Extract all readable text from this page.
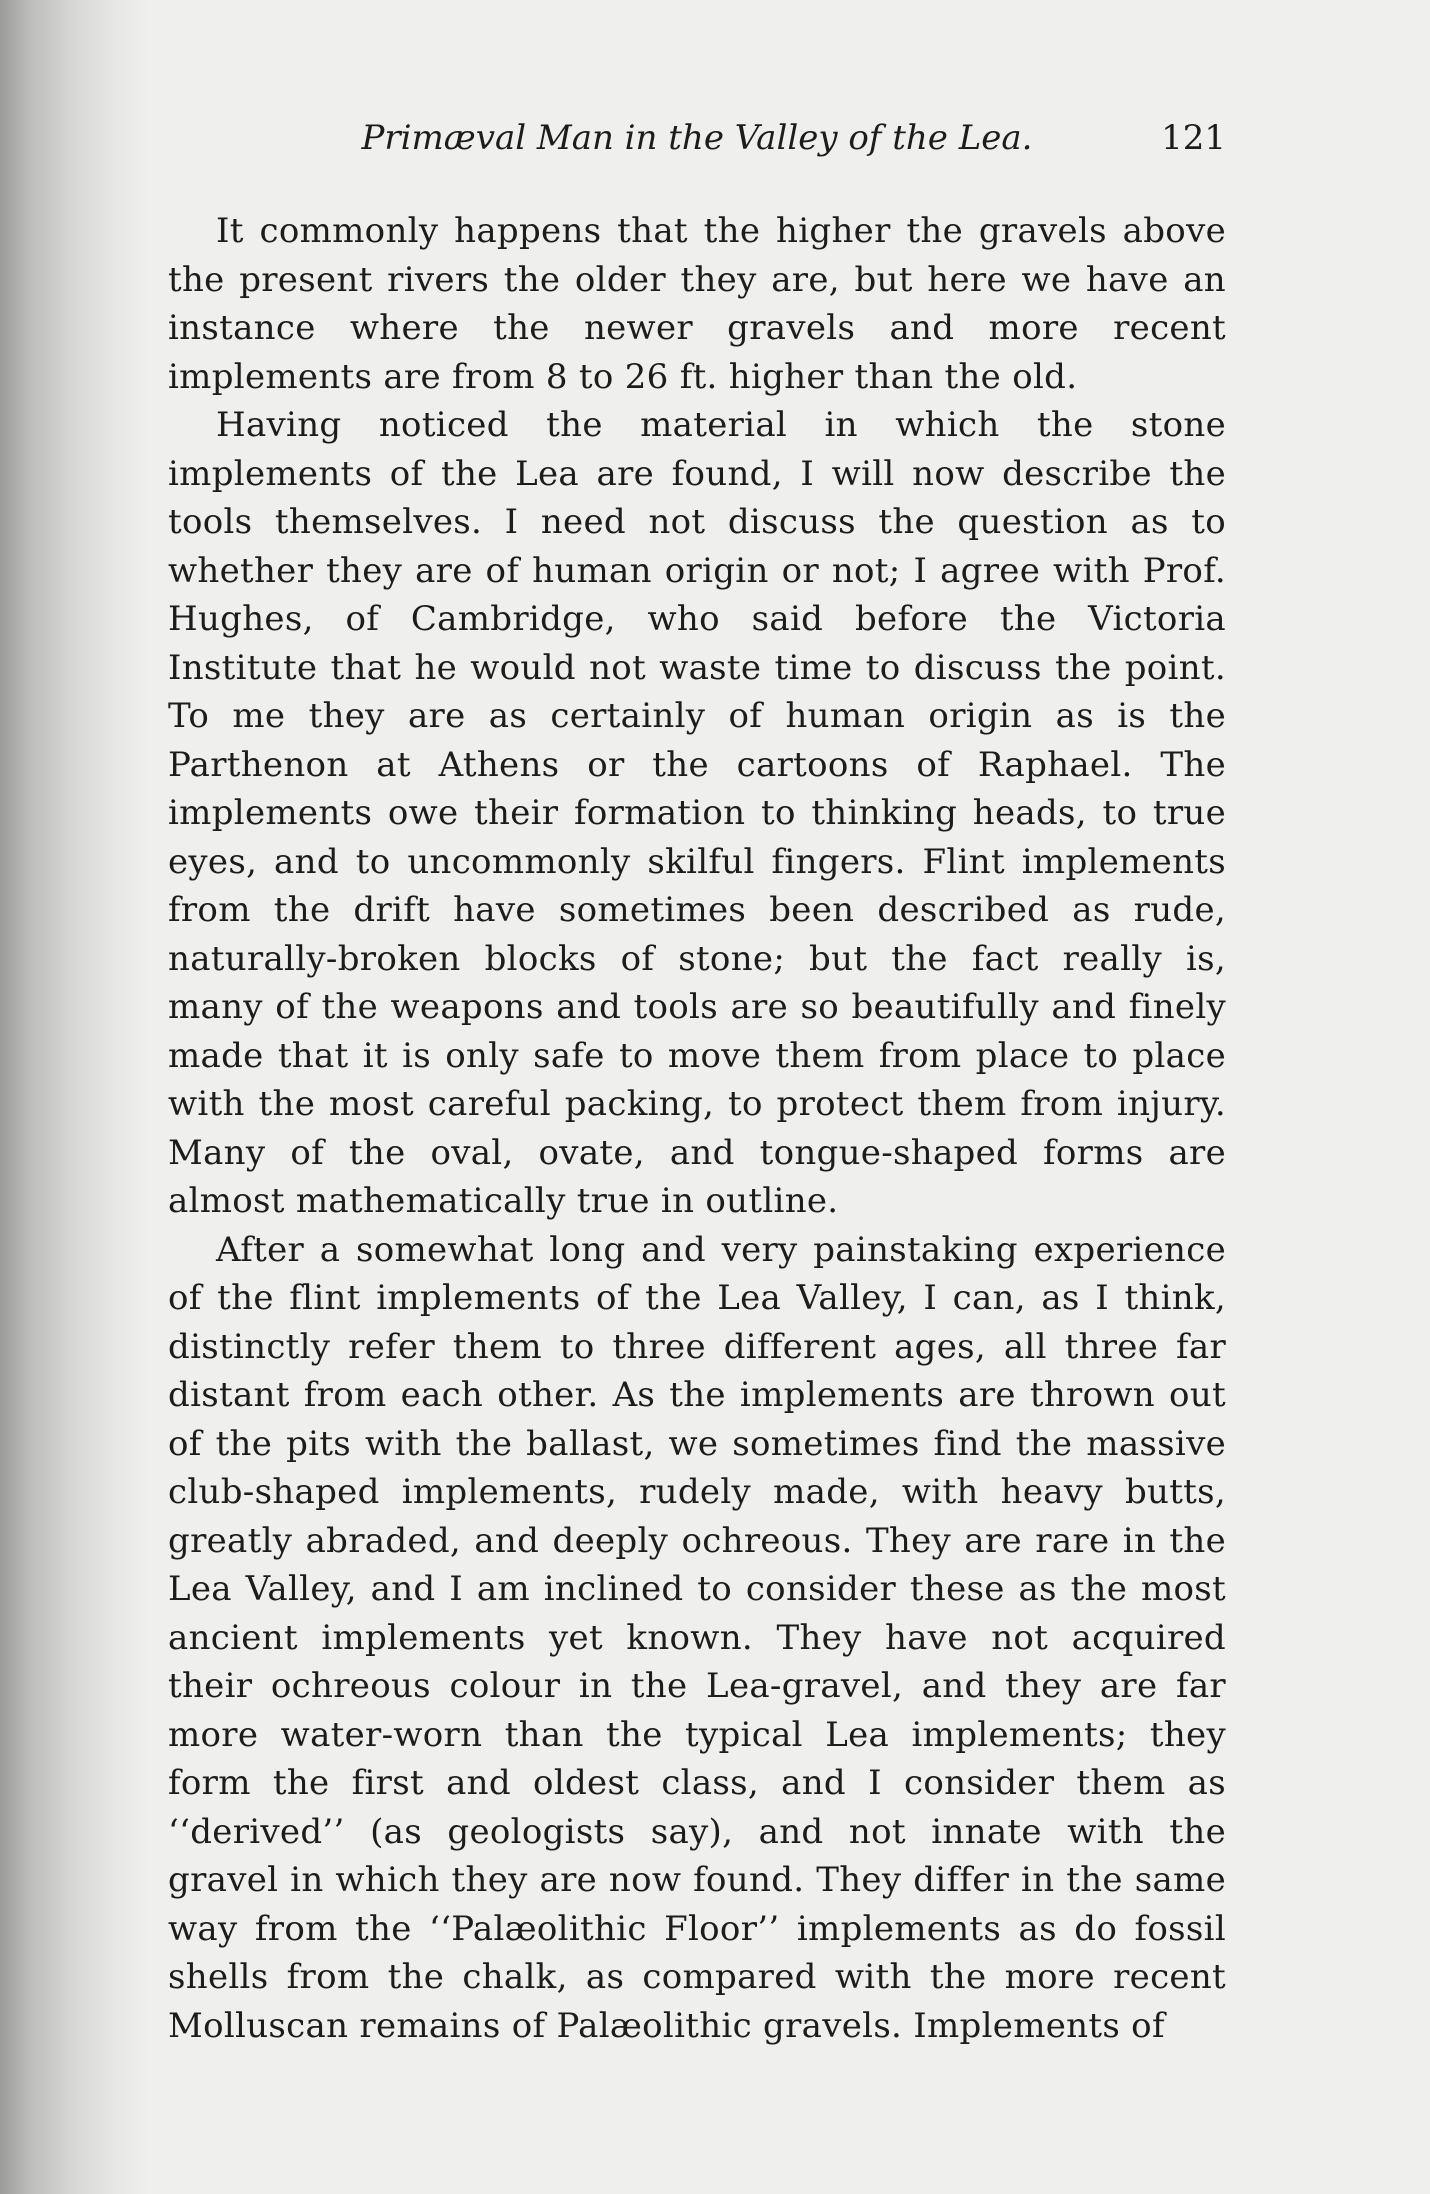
Primæval Man in the Valley of the Lea.	121

It commonly happens that the higher the gravels above the present rivers the older they are, but here we have an instance where the newer gravels and more recent implements are from 8 to 26 ft. higher than the old.

Having noticed the material in which the stone implements of the Lea are found, I will now describe the tools themselves. I need not discuss the question as to whether they are of human origin or not; I agree with Prof. Hughes, of Cambridge, who said before the Victoria Institute that he would not waste time to discuss the point. To me they are as certainly of human origin as is the Parthenon at Athens or the cartoons of Raphael. The implements owe their formation to thinking heads, to true eyes, and to uncommonly skilful fingers. Flint implements from the drift have sometimes been described as rude, naturally-broken blocks of stone; but the fact really is, many of the weapons and tools are so beautifully and finely made that it is only safe to move them from place to place with the most careful packing, to protect them from injury. Many of the oval, ovate, and tongue-shaped forms are almost mathematically true in outline.

After a somewhat long and very painstaking experience of the flint implements of the Lea Valley, I can, as I think, distinctly refer them to three different ages, all three far distant from each other. As the implements are thrown out of the pits with the ballast, we sometimes find the massive club-shaped implements, rudely made, with heavy butts, greatly abraded, and deeply ochreous. They are rare in the Lea Valley, and I am inclined to consider these as the most ancient implements yet known. They have not acquired their ochreous colour in the Lea-gravel, and they are far more water-worn than the typical Lea implements; they form the first and oldest class, and I consider them as ‘‘derived’’ (as geologists say), and not innate with the gravel in which they are now found. They differ in the same way from the ‘‘Palæolithic Floor’’ implements as do fossil shells from the chalk, as compared with the more recent Molluscan remains of Palæolithic gravels. Implements of
